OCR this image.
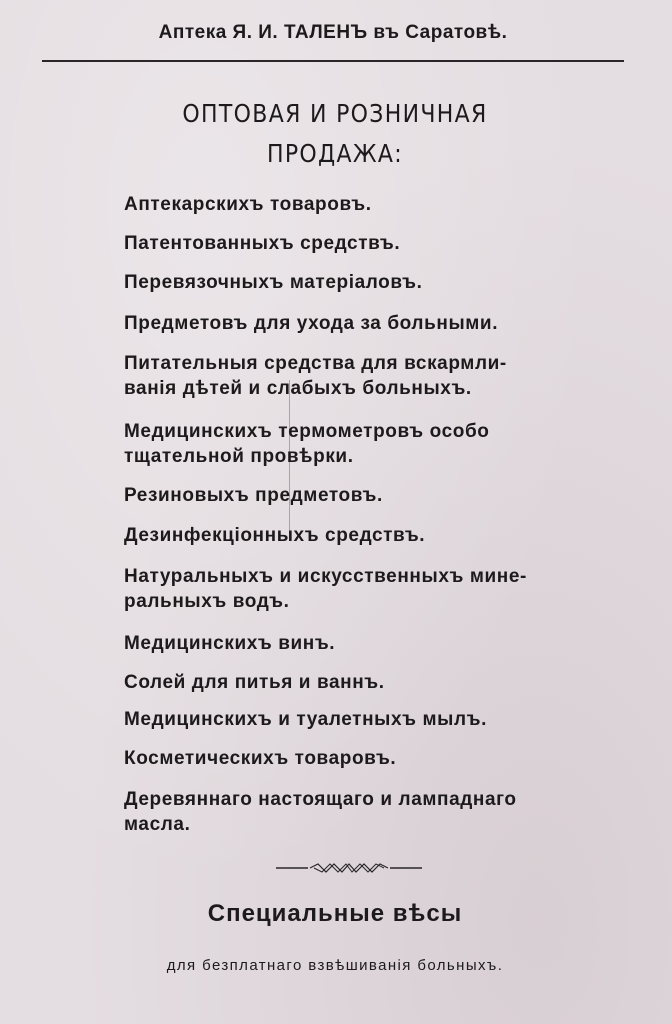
Аптека Я. И. ТАЛЕНЪ въ Саратовѣ.
ОПТОВАЯ И РОЗНИЧНАЯ
ПРОДАЖА:
Аптекарскихъ товаровъ.
Патентованныхъ средствъ.
Перевязочныхъ матеріаловъ.
Предметовъ для ухода за больными.
Питательныя средства для вскармли-
ванія дѣтей и слабыхъ больныхъ.
Медицинскихъ термометровъ особо
тщательной провѣрки.
Резиновыхъ предметовъ.
Дезинфекціонныхъ средствъ.
Натуральныхъ и искусственныхъ мине-
ральныхъ водъ.
Медицинскихъ винъ.
Солей для питья и ваннъ.
Медицинскихъ и туалетныхъ мылъ.
Косметическихъ товаровъ.
Деревяннаго настоящаго и лампаднаго
масла.
Специальные вѣсы
для безплатнаго взвѣшиванія больныхъ.
